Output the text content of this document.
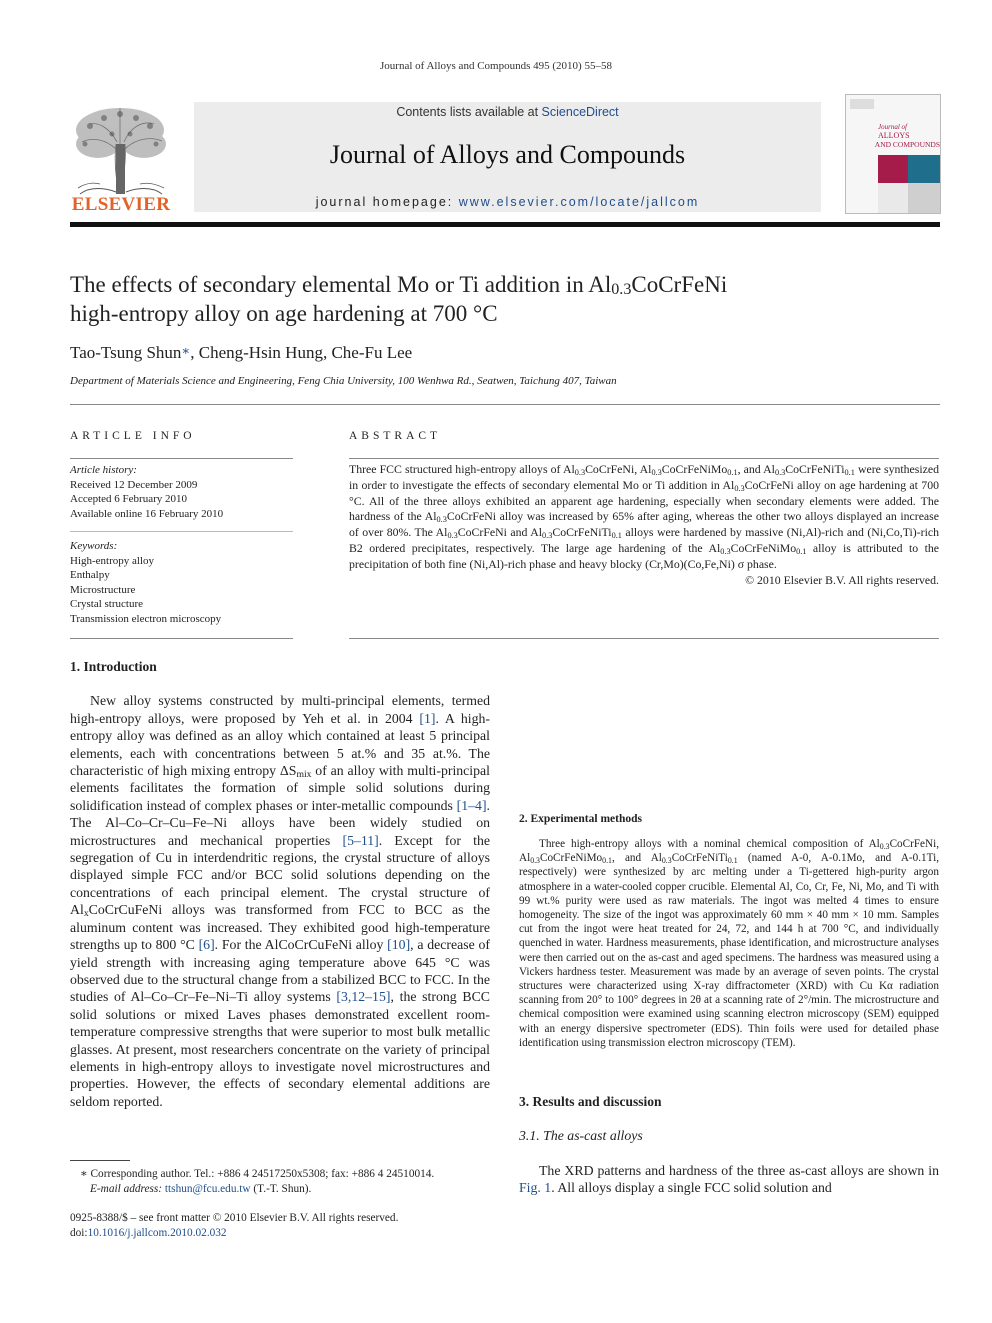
Journal of Alloys and Compounds 495 (2010) 55–58
ELSEVIER
Contents lists available at ScienceDirect
Journal of Alloys and Compounds
journal homepage: www.elsevier.com/locate/jallcom
Journal of
ALLOYS
AND COMPOUNDS
The effects of secondary elemental Mo or Ti addition in $Al_{0.3}CoCrFeNi$
high-entropy alloy on age hardening at 700 °C
Tao-Tsung Shun∗, Cheng-Hsin Hung, Che-Fu Lee
Department of Materials Science and Engineering, Feng Chia University, 100 Wenhwa Rd., Seatwen, Taichung 407, Taiwan
ARTICLE INFO
Article history:
Received 12 December 2009
Accepted 6 February 2010
Available online 16 February 2010
Keywords:
High-entropy alloy
Enthalpy
Microstructure
Crystal structure
Transmission electron microscopy
ABSTRACT
Three FCC structured high-entropy alloys of $Al_{0.3}CoCrFeNi$, $Al_{0.3}CoCrFeNiMo_{0.1}$, and $Al_{0.3}CoCrFeNiTi_{0.1}$ were synthesized in order to investigate the effects of secondary elemental Mo or Ti addition in $Al_{0.3}CoCrFeNi$ alloy on age hardening at 700 °C. All of the three alloys exhibited an apparent age hardening, especially when secondary elements were added. The hardness of the $Al_{0.3}CoCrFeNi$ alloy was increased by 65% after aging, whereas the other two alloys displayed an increase of over 80%. The $Al_{0.3}CoCrFeNi$ and $Al_{0.3}CoCrFeNiTi_{0.1}$ alloys were hardened by massive (Ni,Al)-rich and (Ni,Co,Ti)-rich B2 ordered precipitates, respectively. The large age hardening of the $Al_{0.3}CoCrFeNiMo_{0.1}$ alloy is attributed to the precipitation of both fine (Ni,Al)-rich phase and heavy blocky (Cr,Mo)(Co,Fe,Ni) σ phase.
© 2010 Elsevier B.V. All rights reserved.
1. Introduction

New alloy systems constructed by multi-principal elements, termed high-entropy alloys, were proposed by Yeh et al. in 2004 [1]. A high-entropy alloy was defined as an alloy which contained at least 5 principal elements, each with concentrations between 5 at.% and 35 at.%. The characteristic of high mixing entropy $\Delta S_{mix}$ of an alloy with multi-principal elements facilitates the formation of simple solid solutions during solidification instead of complex phases or inter-metallic compounds [1–4]. The Al–Co–Cr–Cu–Fe–Ni alloys have been widely studied on microstructures and mechanical properties [5–11]. Except for the segregation of Cu in interdendritic regions, the crystal structure of alloys displayed simple FCC and/or BCC solid solutions depending on the concentrations of each principal element. The crystal structure of $Al_xCoCrCuFeNi$ alloys was transformed from FCC to BCC as the aluminum content was increased. They exhibited good high-temperature strengths up to 800 °C [6]. For the AlCoCrCuFeNi alloy [10], a decrease of yield strength with increasing aging temperature above 645 °C was observed due to the structural change from a stabilized BCC to FCC. In the studies of Al–Co–Cr–Fe–Ni–Ti alloy systems [3,12–15], the strong BCC solid solutions or mixed Laves phases demonstrated excellent room-temperature compressive strengths that were superior to most bulk metallic glasses. At present, most researchers concentrate on the variety of principal elements in high-entropy alloys to investigate novel microstructures and properties. However, the effects of secondary elemental additions are seldom reported.

∗ Corresponding author. Tel.: +886 4 24517250x5308; fax: +886 4 24510014.
E-mail address: ttshun@fcu.edu.tw (T.-T. Shun).
0925-8388/$ – see front matter © 2010 Elsevier B.V. All rights reserved.
doi:10.1016/j.jallcom.2010.02.032

2. Experimental methods

Three high-entropy alloys with a nominal chemical composition of $Al_{0.3}CoCrFeNi$, $Al_{0.3}CoCrFeNiMo_{0.1}$, and $Al_{0.3}CoCrFeNiTi_{0.1}$ (named A-0, A-0.1Mo, and A-0.1Ti, respectively) were synthesized by arc melting under a Ti-gettered high-purity argon atmosphere in a water-cooled copper crucible. Elemental Al, Co, Cr, Fe, Ni, Mo, and Ti with 99 wt.% purity were used as raw materials. The ingot was melted 4 times to ensure homogeneity. The size of the ingot was approximately 60 mm × 40 mm × 10 mm. Samples cut from the ingot were heat treated for 24, 72, and 144 h at 700 °C, and individually quenched in water. Hardness measurements, phase identification, and microstructure analyses were then carried out on the as-cast and aged specimens. The hardness was measured using a Vickers hardness tester. Measurement was made by an average of seven points. The crystal structures were characterized using X-ray diffractometer (XRD) with Cu Kα radiation scanning from 20° to 100° degrees in 2θ at a scanning rate of 2°/min. The microstructure and chemical composition were examined using scanning electron microscopy (SEM) equipped with an energy dispersive spectrometer (EDS). Thin foils were used for detailed phase identification using transmission electron microscopy (TEM).

3. Results and discussion
3.1. The as-cast alloys

The XRD patterns and hardness of the three as-cast alloys are shown in Fig. 1. All alloys display a single FCC solid solution and
